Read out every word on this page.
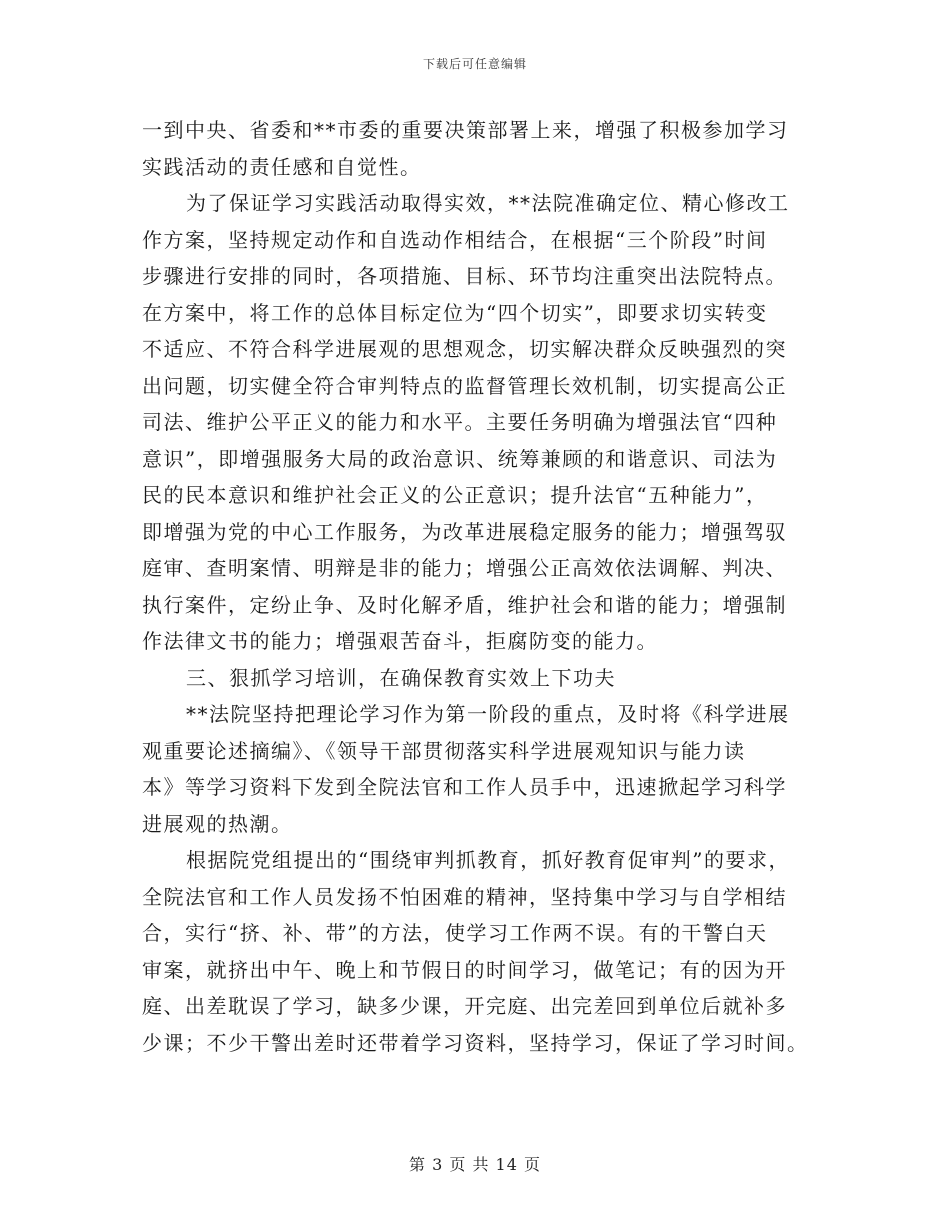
下载后可任意编辑
一到中央、省委和**市委的重要决策部署上来，增强了积极参加学习
实践活动的责任感和自觉性。
为了保证学习实践活动取得实效，**法院准确定位、精心修改工
作方案，坚持规定动作和自选动作相结合，在根据“三个阶段”时间
步骤进行安排的同时，各项措施、目标、环节均注重突出法院特点。
在方案中，将工作的总体目标定位为“四个切实”，即要求切实转变
不适应、不符合科学进展观的思想观念，切实解决群众反映强烈的突
出问题，切实健全符合审判特点的监督管理长效机制，切实提高公正
司法、维护公平正义的能力和水平。主要任务明确为增强法官“四种
意识”，即增强服务大局的政治意识、统筹兼顾的和谐意识、司法为
民的民本意识和维护社会正义的公正意识；提升法官“五种能力”，
即增强为党的中心工作服务，为改革进展稳定服务的能力；增强驾驭
庭审、查明案情、明辩是非的能力；增强公正高效依法调解、判决、
执行案件，定纷止争、及时化解矛盾，维护社会和谐的能力；增强制
作法律文书的能力；增强艰苦奋斗，拒腐防变的能力。
三、狠抓学习培训，在确保教育实效上下功夫
**法院坚持把理论学习作为第一阶段的重点，及时将《科学进展
观重要论述摘编》、《领导干部贯彻落实科学进展观知识与能力读
本》等学习资料下发到全院法官和工作人员手中，迅速掀起学习科学
进展观的热潮。
根据院党组提出的“围绕审判抓教育，抓好教育促审判”的要求，
全院法官和工作人员发扬不怕困难的精神，坚持集中学习与自学相结
合，实行“挤、补、带”的方法，使学习工作两不误。有的干警白天
审案，就挤出中午、晚上和节假日的时间学习，做笔记；有的因为开
庭、出差耽误了学习，缺多少课，开完庭、出完差回到单位后就补多
少课；不少干警出差时还带着学习资料，坚持学习，保证了学习时间。
第 3 页 共 14 页
